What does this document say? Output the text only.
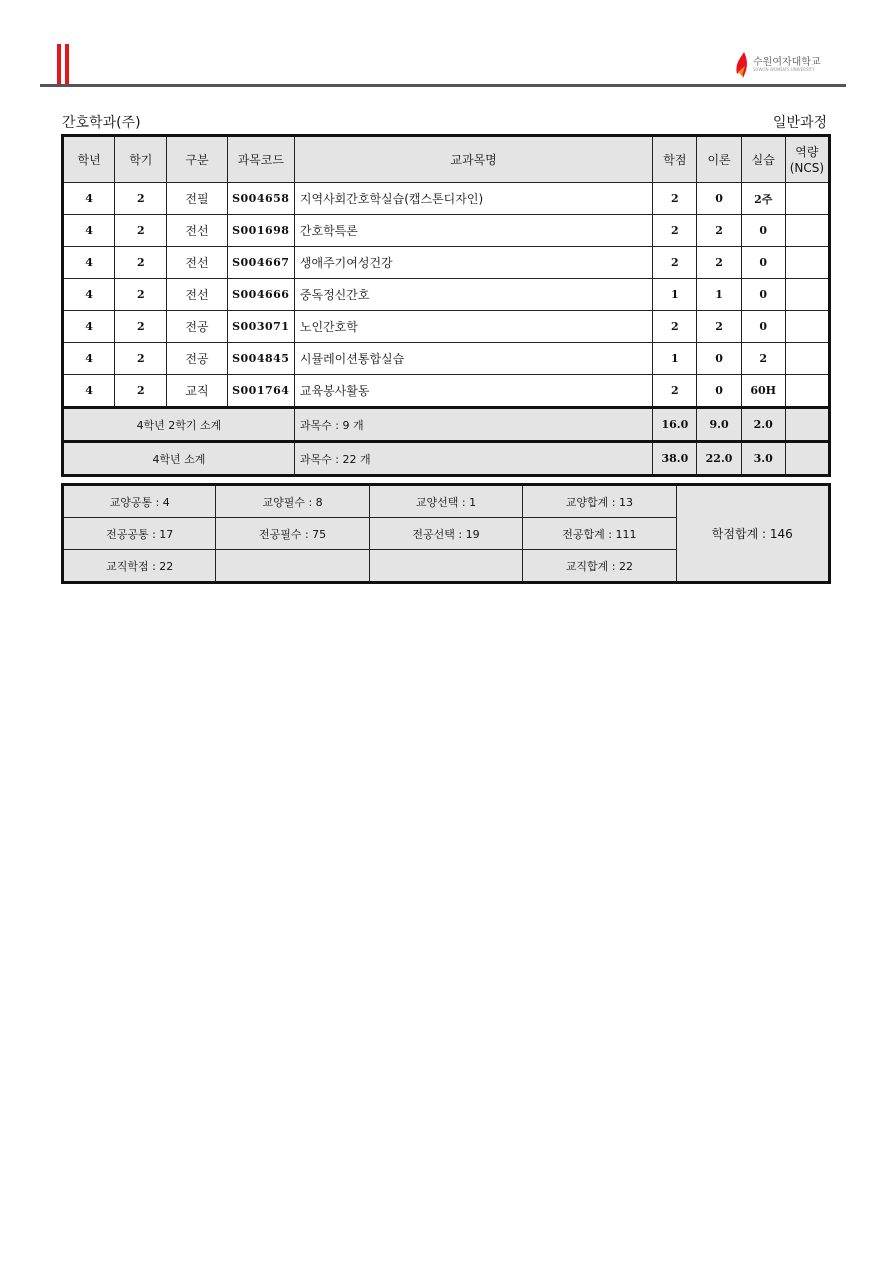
수원여자대학교
SUWON WOMEN'S UNIVERSITY
간호학과(주)	일반과정
학년	학기	구분	과목코드	교과목명	학점	이론	실습	역량
(NCS)
4	2	전필	S004658	지역사회간호학실습(캡스톤디자인)	2	0	2주	
4	2	전선	S001698	간호학특론	2	2	0	
4	2	전선	S004667	생애주기여성건강	2	2	0	
4	2	전선	S004666	중독정신간호	1	1	0	
4	2	전공	S003071	노인간호학	2	2	0	
4	2	전공	S004845	시뮬레이션통합실습	1	0	2	
4	2	교직	S001764	교육봉사활동	2	0	60H	
4학년 2학기 소계				과목수 : 9 개	16.0	9.0	2.0	
4학년 소계				과목수 : 22 개	38.0	22.0	3.0	
교양공통 : 4	교양필수 : 8	교양선택 : 1	교양합계 : 13	학점합계 : 146
전공공통 : 17	전공필수 : 75	전공선택 : 19	전공합계 : 111	
교직학점 : 22			교직합계 : 22	
